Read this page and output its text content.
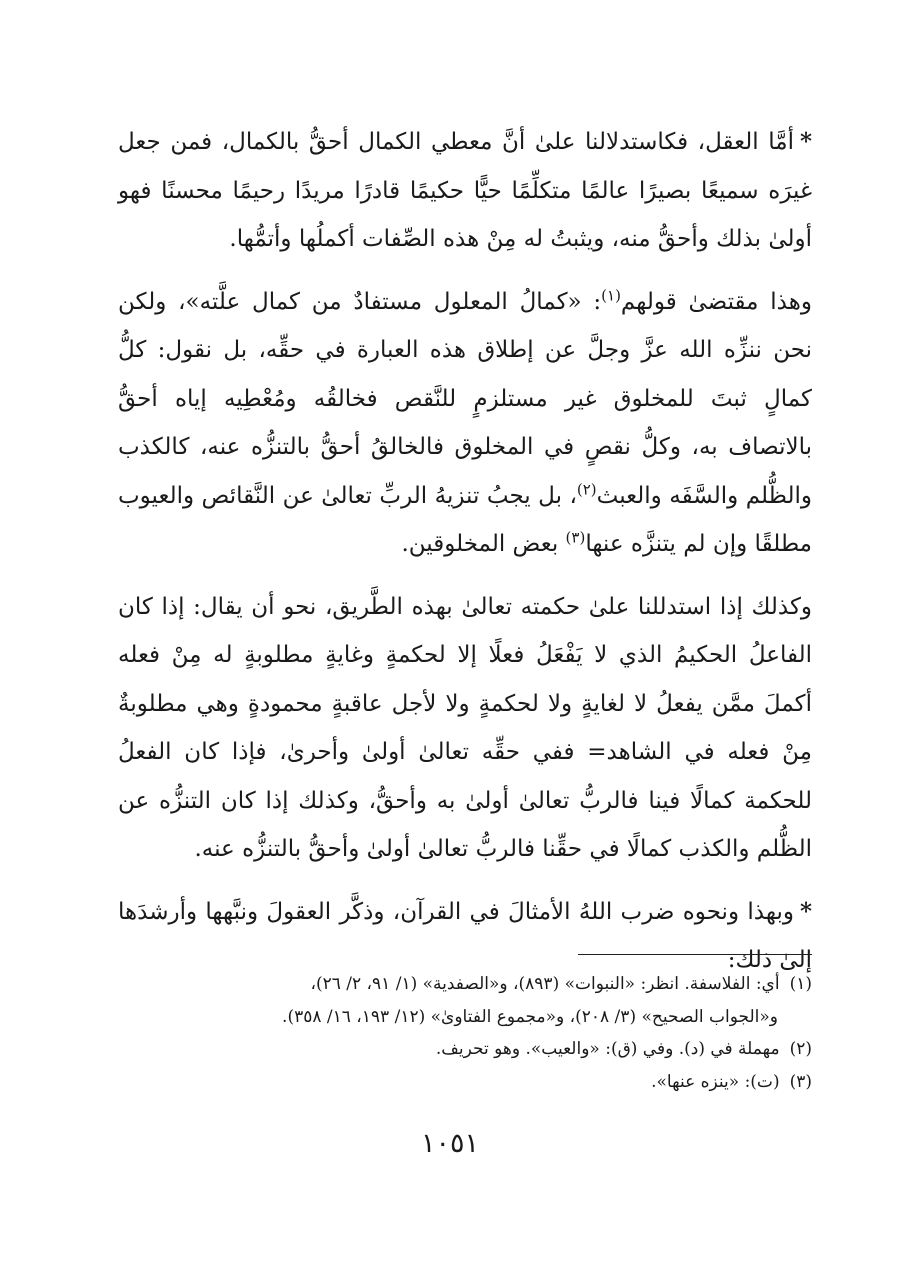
*أمَّا العقل، فكاستدلالنا علىٰ أنَّ معطي الكمال أحقُّ بالكمال، فمن جعل غيرَه سميعًا بصيرًا عالمًا متكلِّمًا حيًّا حكيمًا قادرًا مريدًا رحيمًا محسنًا فهو أولىٰ بذلك وأحقُّ منه، ويثبتُ له مِنْ هذه الصِّفات أكملُها وأتمُّها.

وهذا مقتضىٰ قولهم$^{(١)}$: «كمالُ المعلول مستفادٌ من كمال علَّته»، ولكن نحن ننزِّه الله عزَّ وجلَّ عن إطلاق هذه العبارة في حقِّه، بل نقول: كلُّ كمالٍ ثبتَ للمخلوق غير مستلزمٍ للنَّقص فخالقُه ومُعْطِيه إياه أحقُّ بالاتصاف به، وكلُّ نقصٍ في المخلوق فالخالقُ أحقُّ بالتنزُّه عنه، كالكذب والظُّلم والسَّفَه والعبث$^{(٢)}$، بل يجبُ تنزيهُ الربِّ تعالىٰ عن النَّقائص والعيوب مطلقًا وإن لم يتنزَّه عنها$^{(٣)}$ بعض المخلوقين.

وكذلك إذا استدللنا علىٰ حكمته تعالىٰ بهذه الطَّريق، نحو أن يقال: إذا كان الفاعلُ الحكيمُ الذي لا يَفْعَلُ فعلًا إلا لحكمةٍ وغايةٍ مطلوبةٍ له مِنْ فعله أكملَ ممَّن يفعلُ لا لغايةٍ ولا لحكمةٍ ولا لأجل عاقبةٍ محمودةٍ وهي مطلوبةٌ مِنْ فعله في الشاهد= ففي حقِّه تعالىٰ أولىٰ وأحرىٰ، فإذا كان الفعلُ للحكمة كمالًا فينا فالربُّ تعالىٰ أولىٰ به وأحقُّ، وكذلك إذا كان التنزُّه عن الظُّلم والكذب كمالًا في حقِّنا فالربُّ تعالىٰ أولىٰ وأحقُّ بالتنزُّه عنه.

*وبهذا ونحوه ضرب اللهُ الأمثالَ في القرآن، وذكَّر العقولَ ونبَّهها وأرشدَها إلىٰ ذلك:

(١)أي: الفلاسفة. انظر: «النبوات» (٨٩٣)، و«الصفدية» (١/ ٩١، ٢/ ٢٦)،
و«الجواب الصحيح» (٣/ ٢٠٨)، و«مجموع الفتاوىٰ» (١٢/ ١٩٣، ١٦/ ٣٥٨).
(٢)مهملة في (د). وفي (ق): «والعيب». وهو تحريف.
(٣)(ت): «ينزه عنها».
١٠٥١
